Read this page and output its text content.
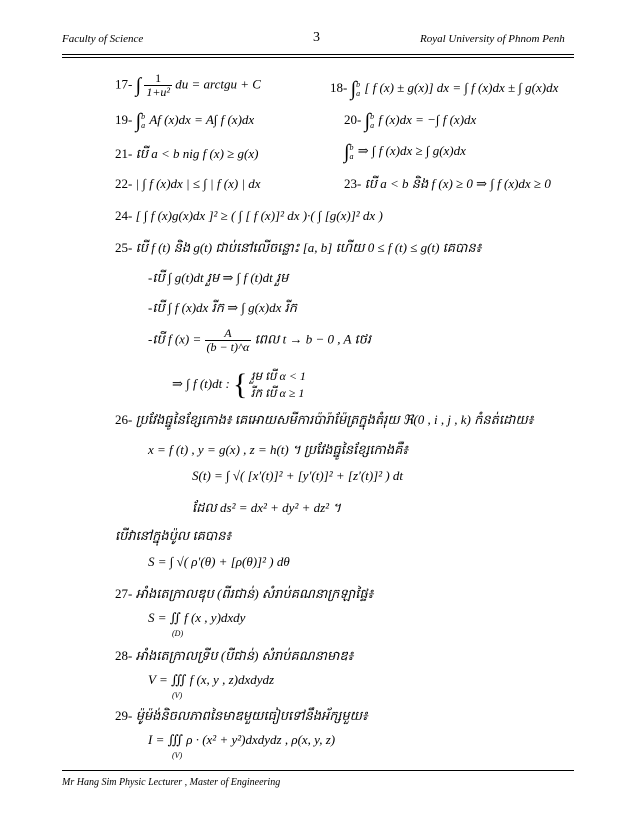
Faculty of Science	3	Royal University of Phnom Penh
17- ∫ $\frac{1}{\text{1+u²}}$ du = arctgu + C	18- ∫b
a [ f (x) ± g(x)] dx = ∫ f (x)dx ± ∫ g(x)dx
19- ∫b
a Af (x)dx = A∫ f (x)dx	20- ∫b
a f (x)dx = −∫ f (x)dx
21- បើ a < b nig f (x) ≥ g(x)	∫b
a ⇒ ∫ f (x)dx ≥ ∫ g(x)dx
22- | ∫ f (x)dx | ≤ ∫ | f (x) | dx	23- បើ a < b និង f (x) ≥ 0 ⇒ ∫ f (x)dx ≥ 0
24- [ ∫ f (x)g(x)dx ]² ≥ ( ∫ [ f (x)]² dx )·( ∫ [g(x)]² dx )
25- បើ f (t) និង g(t) ជាប់នៅលើចន្លោះ [a, b] ហើយ 0 ≤ f (t) ≤ g(t) គេបាន៖
-បើ ∫ g(t)dt រួម ⇒ ∫ f (t)dt រួម
-បើ ∫ f (x)dx រីក ⇒ ∫ g(x)dx រីក
-បើ f $(x) = \frac{A}{(b - t)\^{}\alpha}$ ពេល t → b − 0 , A ថេរ
⇒ ∫ f (t)dt : { រួម បើ α < 1
រីក បើ α ≥ 1
26- ប្រវែងធ្នូនៃខ្សែកោង៖ គេអោយសមីការប៉ារ៉ាម៉ែត្រក្នុងតំរុយ ℜ(0 , i , j , k) កំនត់ដោយ៖
x = f (t) , y = g(x) , z = h(t) ។ ប្រវែងធ្នូនៃខ្សែកោងគឺ៖
S(t) = ∫ √( [x′(t)]² + [y′(t)]² + [z′(t)]² ) dt
ដែល ds² = dx² + dy² + dz² ។
បើវានៅក្នុងប៉ូល គេបាន៖
S = ∫ √( ρ′(θ) + [ρ(θ)]² ) dθ
27- អាំងតេក្រាលឌុប (ពីរជាន់) សំរាប់គណនាក្រឡាផ្ទៃ៖
S = ∬ f (x , y)dxdy
(D)
28- អាំងតេក្រាលទ្រីប (បីជាន់) សំរាប់គណនាមាឌ៖
V = ∭ f (x, y , z)dxdydz
(V)
29- ម៉ូម៉ង់និចលភាពនៃមាឌមួយធៀបទៅនឹងអ័ក្សមួយ៖
I = ∭ ρ · (x² + y²)dxdydz , ρ(x, y, z)
(V)
Mr Hang Sim Physic Lecturer , Master of Engineering
